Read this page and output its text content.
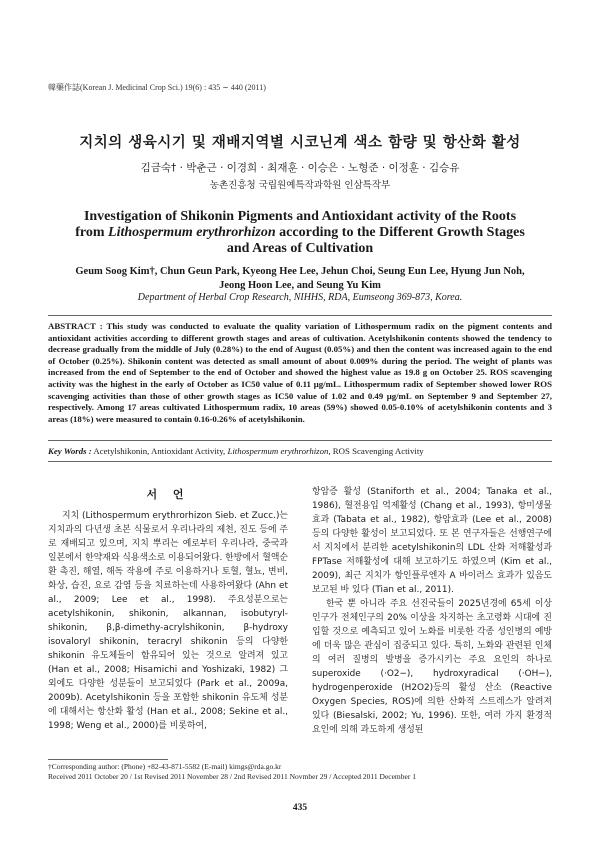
韓藥作誌(Korean J. Medicinal Crop Sci.) 19(6) : 435 ∼ 440 (2011)
지치의 생육시기 및 재배지역별 시코닌계 색소 함량 및 항산화 활성
김금숙† · 박춘근 · 이경희 · 최재훈 · 이승은 · 노형준 · 이정훈 · 김승유
농촌진흥청 국립원예특작과학원 인삼특작부
Investigation of Shikonin Pigments and Antioxidant activity of the Roots
from Lithospermum erythrorhizon according to the Different Growth Stages
and Areas of Cultivation
Geum Soog Kim†, Chun Geun Park, Kyeong Hee Lee, Jehun Choi, Seung Eun Lee, Hyung Jun Noh,
Jeong Hoon Lee, and Seung Yu Kim
Department of Herbal Crop Research, NIHHS, RDA, Eumseong 369-873, Korea.
ABSTRACT : This study was conducted to evaluate the quality variation of Lithospermum radix on the pigment contents and antioxidant activities according to different growth stages and areas of cultivation. Acetylshikonin contents showed the tendency to decrease gradually from the middle of July (0.28%) to the end of August (0.05%) and then the content was increased again to the end of October (0.25%). Shikonin content was detected as small amount of about 0.009% during the period. The weight of plants was increased from the end of September to the end of October and showed the highest value as 19.8 g on October 25. ROS scavenging activity was the highest in the early of October as IC50 value of 0.11 μg/mL. Lithospermum radix of September showed lower ROS scavenging activities than those of other growth stages as IC50 value of 1.02 and 0.49 μg/mL on September 9 and September 27, respectively. Among 17 areas cultivated Lithospermum radix, 10 areas (59%) showed 0.05-0.10% of acetylshikonin contents and 3 areas (18%) were measured to contain 0.16-0.26% of acetylshikonin.
Key Words : Acetylshikonin, Antioxidant Activity, Lithospermum erythrorhizon, ROS Scavenging Activity
서 언

지치 (Lithospermum erythrorhizon Sieb. et Zucc.)는 지치과의 다년생 초본 식물로서 우리나라의 제천, 진도 등에 주로 재배되고 있으며, 지치 뿌리는 예로부터 우리나라, 중국과 일본에서 한약재와 식용색소로 이용되어왔다. 한방에서 혈액순환 촉진, 해열, 해독 작용에 주로 이용하거나 토혈, 혈뇨, 변비, 화상, 습진, 요로 감염 등을 치료하는데 사용하여왔다 (Ahn et al., 2009; Lee et al., 1998). 주요성분으로는 acetylshikonin, shikonin, alkannan, isobutyryl-shikonin, β,β-dimethy-acrylshikonin, β-hydroxy isovaloryl shikonin, teracryl shikonin 등의 다양한 shikonin 유도체들이 함유되어 있는 것으로 알려져 있고 (Han et al., 2008; Hisamichi and Yoshizaki, 1982) 그 외에도 다양한 성분들이 보고되었다 (Park et al., 2009a, 2009b). Acetylshikonin 등을 포함한 shikonin 유도체 성분에 대해서는 항산화 활성 (Han et al., 2008; Sekine et al., 1998; Weng et al., 2000)를 비롯하여,

항암증 활성 (Staniforth et al., 2004; Tanaka et al., 1986), 혈전용입 억제활성 (Chang et al., 1993), 항미생물 효과 (Tabata et al., 1982), 항암효과 (Lee et al., 2008) 등의 다양한 활성이 보고되었다. 또 본 연구자들은 선행연구에서 지치에서 분리한 acetylshikonin의 LDL 산화 저해활성과 FPTase 저해활성에 대해 보고하기도 하였으며 (Kim et al., 2009), 최근 지치가 항인플루엔자 A 바이러스 효과가 있음도 보고된 바 있다 (Tian et al., 2011).

한국 뿐 아니라 주요 선진국들이 2025년경에 65세 이상 인구가 전체인구의 20% 이상을 차지하는 초고령화 시대에 진입할 것으로 예측되고 있어 노화를 비롯한 각종 성인병의 예방에 더욱 많은 관심이 집중되고 있다. 특히, 노화와 관련된 인체의 여러 질병의 발병을 증가시키는 주요 요인의 하나로 superoxide (·O2−), hydroxyradical (·OH−), hydrogenperoxide (H2O2)등의 활성 산소 (Reactive Oxygen Species, ROS)에 의한 산화적 스트레스가 알려져 있다 (Biesalski, 2002; Yu, 1996). 또한, 여러 가지 환경적 요인에 의해 과도하게 생성된

†Corresponding author: (Phone) +82-43-871-5582 (E-mail) kimgs@rda.go.kr
Received 2011 October 20 / 1st Revised 2011 November 28 / 2nd Revised 2011 Novmber 29 / Accepted 2011 December 1
435
